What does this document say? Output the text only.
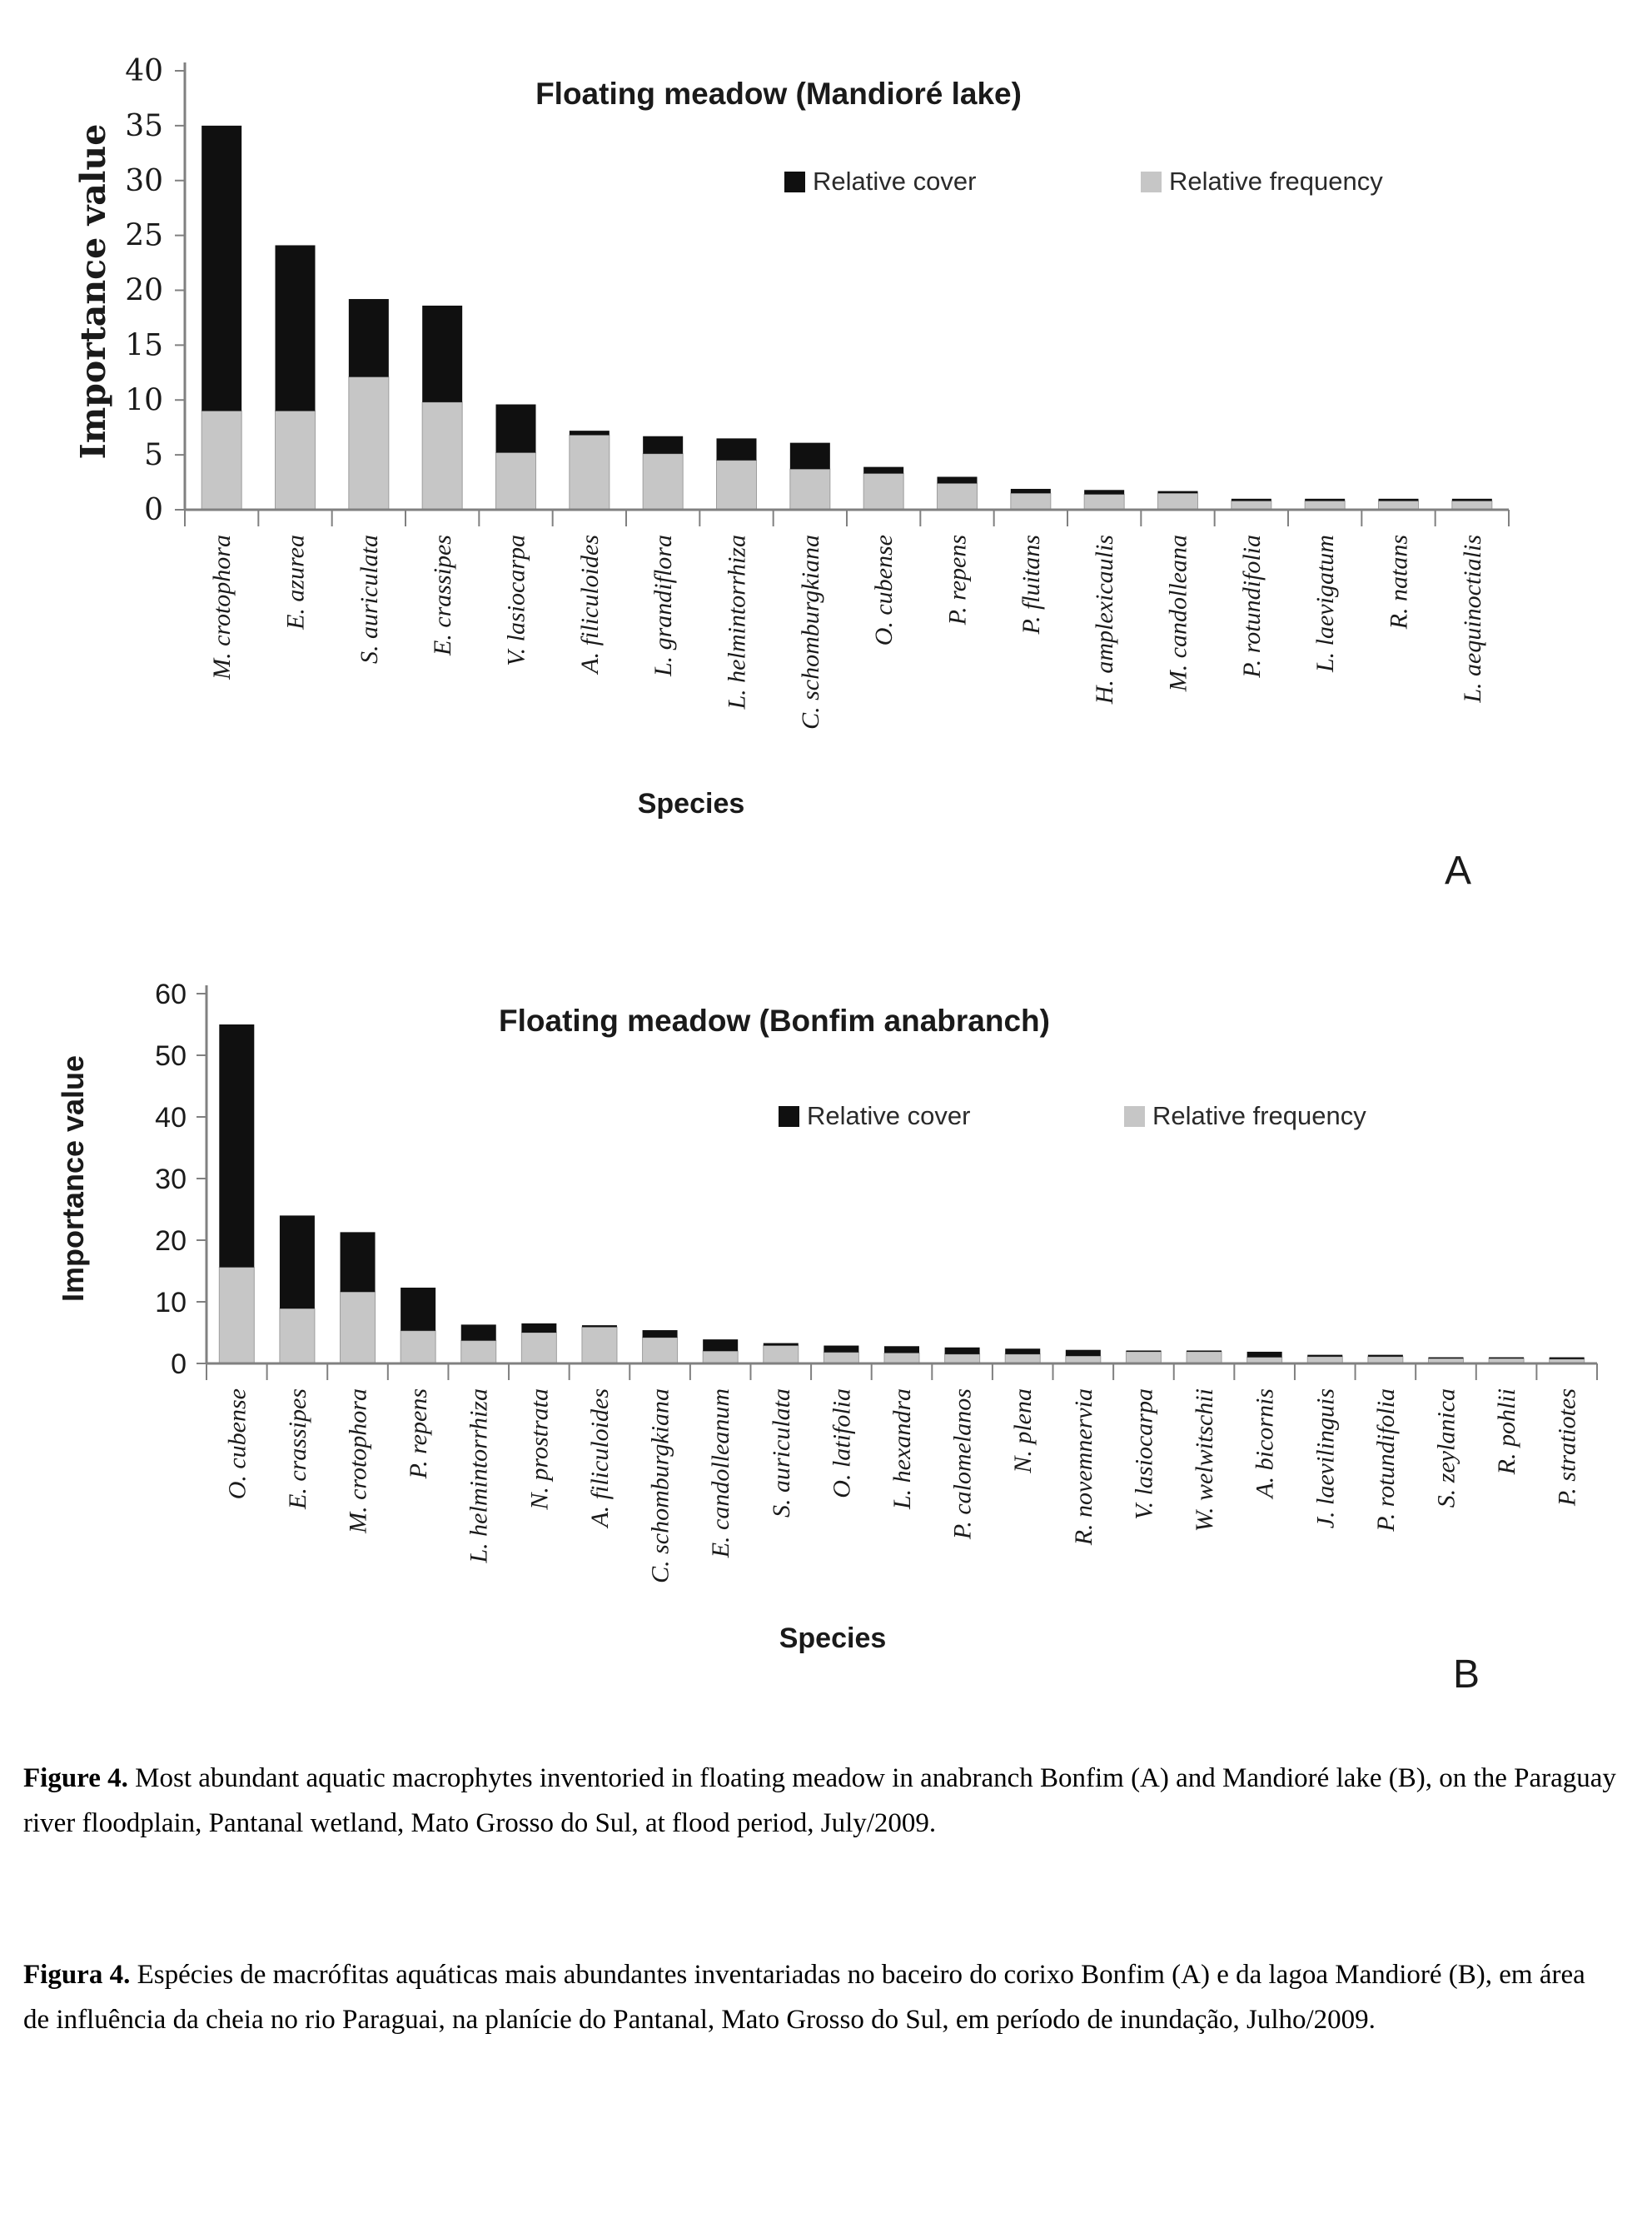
0
5
10
15
20
25
30
35
40
M. crotophora E. azurea S. auriculata E. crassipes V. lasiocarpa A. filiculoides L. grandiflora L. helmintorrhiza C. schomburgkiana O. cubense P. repens P. fluitans H. amplexicaulis M. candolleana P. rotundifolia L. laevigatum R. natans L. aequinoctialis
Floating meadow (Mandioré lake)
Relative cover	Relative frequency
Importance value
Species
A
0
10
20
30
40
50
60
O. cubense E. crassipes M. crotophora P. repens L. helmintorrhiza N. prostrata A. filiculoides C. schomburgkiana E. candolleanum S. auriculata O. latifolia L. hexandra P. calomelanos N. plena R. novemnervia V. lasiocarpa W. welwitschii A. bicornis J. laevilinguis P. rotundifolia S. zeylanica R. pohlii P. stratiotes
Floating meadow (Bonfim anabranch)
Relative cover	Relative frequency
Importance value
Species
B

Figure 4. Most abundant aquatic macrophytes inventoried in floating meadow in anabranch Bonfim (A) and Mandioré lake (B), on the Paraguay river floodplain, Pantanal wetland, Mato Grosso do Sul, at flood period, July/2009.

Figura 4. Espécies de macrófitas aquáticas mais abundantes inventariadas no baceiro do corixo Bonfim (A) e da lagoa Mandioré (B), em área de influência da cheia no rio Paraguai, na planície do Pantanal, Mato Grosso do Sul, em período de inundação, Julho/2009.
